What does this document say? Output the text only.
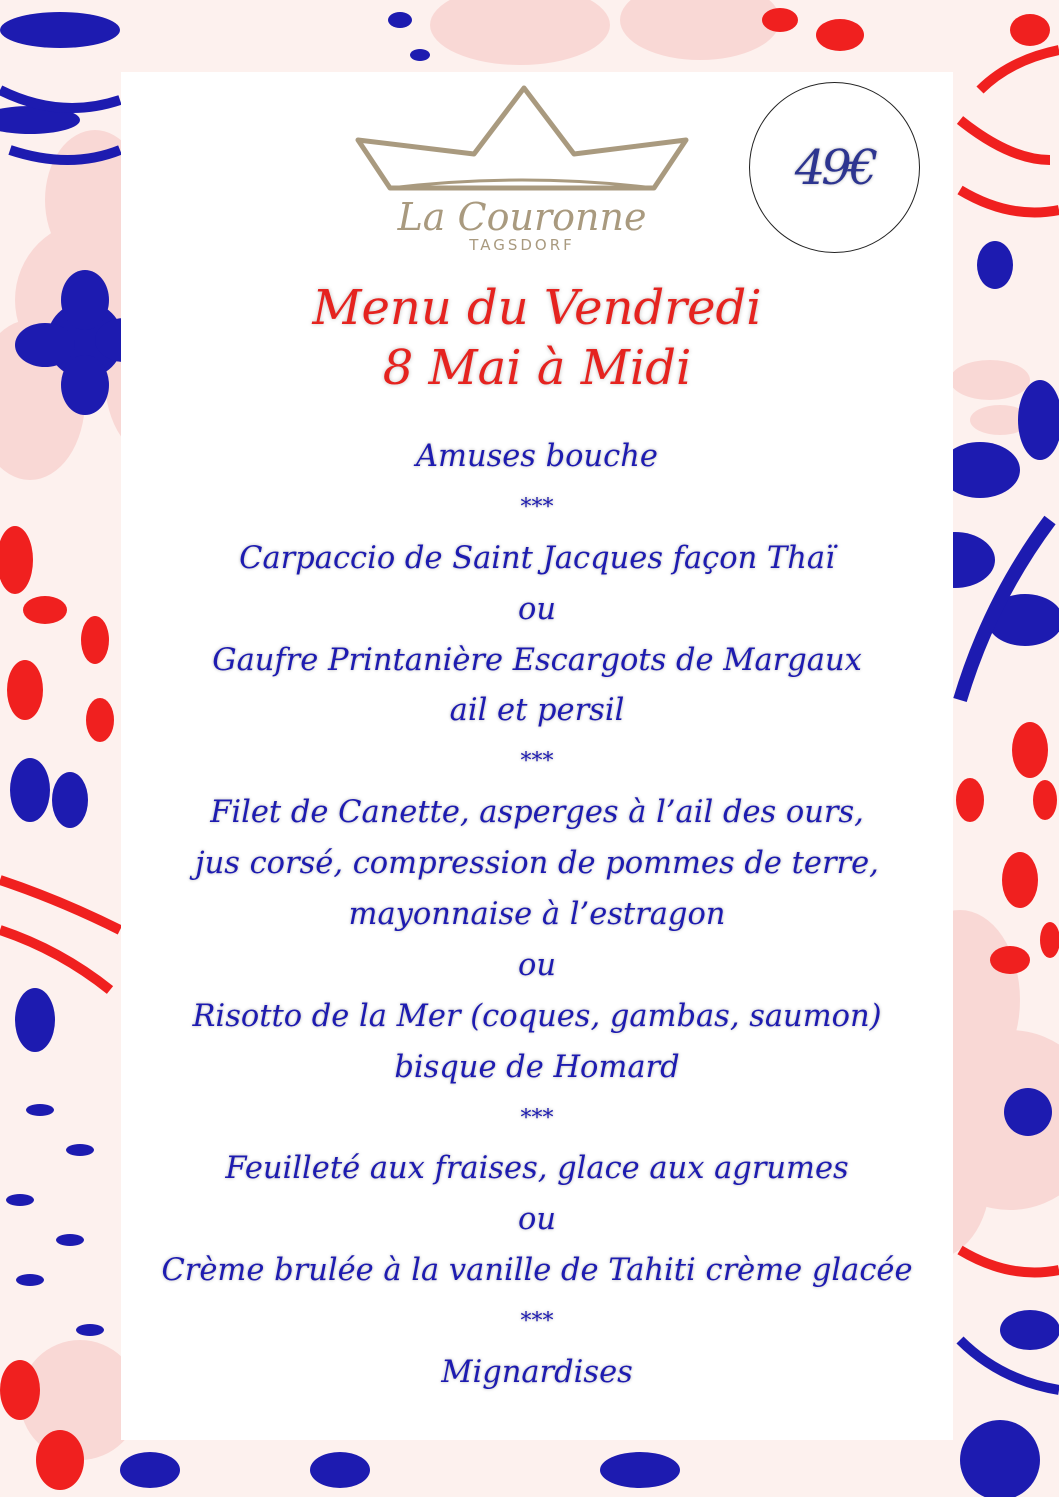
La Couronne
TAGSDORF
49€
Menu du Vendredi
8 Mai à Midi
Amuses bouche
***
Carpaccio de Saint Jacques façon Thaï
ou
Gaufre Printanière Escargots de Margaux
ail et persil
***
Filet de Canette, asperges à l’ail des ours,
jus corsé, compression de pommes de terre,
mayonnaise à l’estragon
ou
Risotto de la Mer (coques, gambas, saumon)
bisque de Homard
***
Feuilleté aux fraises, glace aux agrumes
ou
Crème brulée à la vanille de Tahiti crème glacée
***
Mignardises
